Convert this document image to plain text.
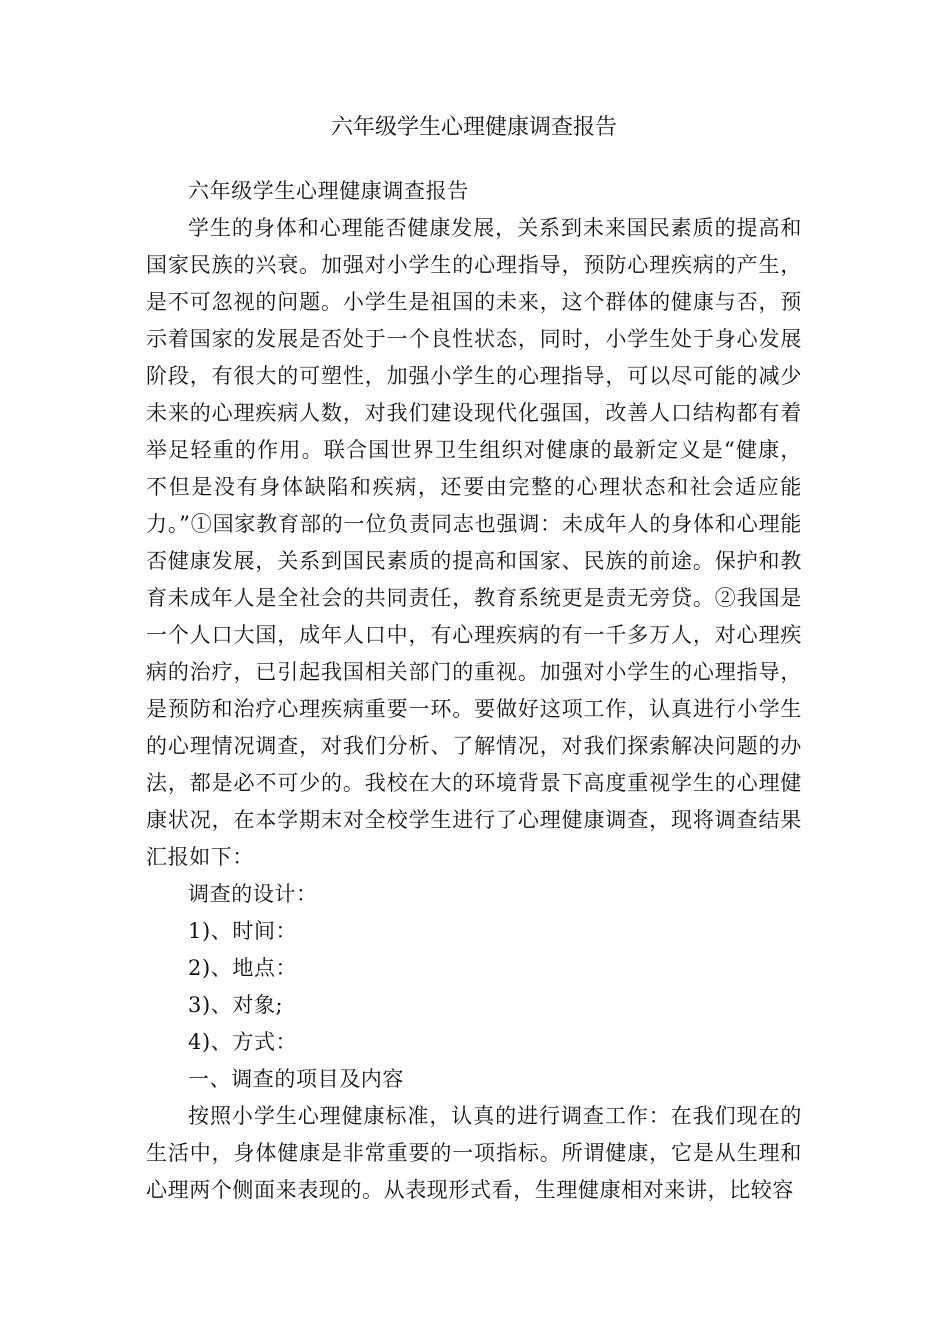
六年级学生心理健康调查报告

六年级学生心理健康调查报告

学生的身体和心理能否健康发展，关系到未来国民素质的提高和国家民族的兴衰。加强对小学生的心理指导，预防心理疾病的产生，是不可忽视的问题。小学生是祖国的未来，这个群体的健康与否，预示着国家的发展是否处于一个良性状态，同时，小学生处于身心发展阶段，有很大的可塑性，加强小学生的心理指导，可以尽可能的减少未来的心理疾病人数，对我们建设现代化强国，改善人口结构都有着举足轻重的作用。联合国世界卫生组织对健康的最新定义是“健康，不但是没有身体缺陷和疾病，还要由完整的心理状态和社会适应能力。”①国家教育部的一位负责同志也强调：未成年人的身体和心理能否健康发展，关系到国民素质的提高和国家、民族的前途。保护和教育未成年人是全社会的共同责任，教育系统更是责无旁贷。②我国是一个人口大国，成年人口中，有心理疾病的有一千多万人，对心理疾病的治疗，已引起我国相关部门的重视。加强对小学生的心理指导，是预防和治疗心理疾病重要一环。要做好这项工作，认真进行小学生的心理情况调查，对我们分析、了解情况，对我们探索解决问题的办法，都是必不可少的。我校在大的环境背景下高度重视学生的心理健康状况，在本学期末对全校学生进行了心理健康调查，现将调查结果汇报如下：

调查的设计：

1)、时间：

2)、地点：

3)、对象;

4)、方式：

一、调查的项目及内容

按照小学生心理健康标准，认真的进行调查工作：在我们现在的生活中，身体健康是非常重要的一项指标。所谓健康，它是从生理和心理两个侧面来表现的。从表现形式看，生理健康相对来讲，比较容
